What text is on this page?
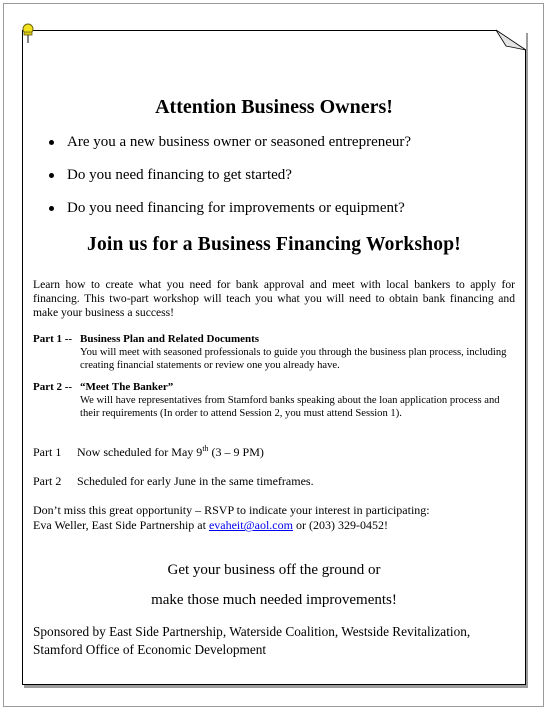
Attention Business Owners!
Are you a new business owner or seasoned entrepreneur?
Do you need financing to get started?
Do you need financing for improvements or equipment?
Join us for a Business Financing Workshop!
Learn how to create what you need for bank approval and meet with local bankers to apply for financing. This two-part workshop will teach you what you will need to obtain bank financing and make your business a success!
Part 1 -- Business Plan and Related Documents
You will meet with seasoned professionals to guide you through the business plan process, including creating financial statements or review one you already have.
Part 2 -- “Meet The Banker”
We will have representatives from Stamford banks speaking about the loan application process and their requirements (In order to attend Session 2, you must attend Session 1).
Part 1 Now scheduled for May 9th (3 – 9 PM)
Part 2 Scheduled for early June in the same timeframes.
Don’t miss this great opportunity – RSVP to indicate your interest in participating:
Eva Weller, East Side Partnership at evaheit@aol.com or (203) 329-0452!
Get your business off the ground or
make those much needed improvements!
Sponsored by East Side Partnership, Waterside Coalition, Westside Revitalization, Stamford Office of Economic Development
